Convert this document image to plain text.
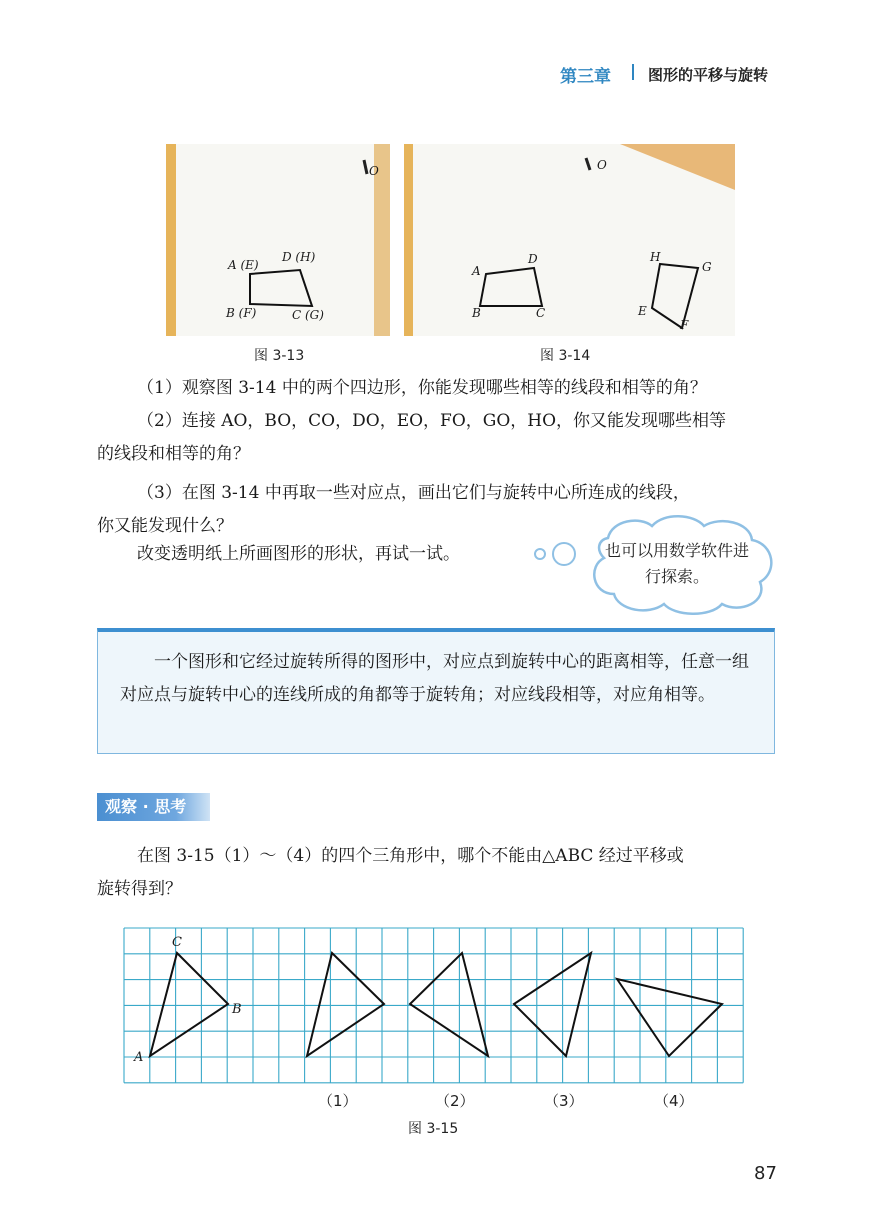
第三章 图形的平移与旋转
O
A (E)
D (H)
B (F)	C (G)
O
A
D
B	C
H
G
E
F
图 3-13	图 3-14
（1）观察图 3-14 中的两个四边形，你能发现哪些相等的线段和相等的角？
（2）连接 AO，BO，CO，DO，EO，FO，GO，HO，你又能发现哪些相等
的线段和相等的角？
（3）在图 3-14 中再取一些对应点，画出它们与旋转中心所连成的线段，
你又能发现什么？
改变透明纸上所画图形的形状，再试一试。	也可以用数学软件进行探索。
一个图形和它经过旋转所得的图形中，对应点到旋转中心的距离相等，任意一组对应点与旋转中心的连线所成的角都等于旋转角；对应线段相等，对应角相等。
观察 · 思考
在图 3-15（1）～（4）的四个三角形中，哪个不能由△ABC 经过平移或
旋转得到？
C
B
A
（1）	（2）	（3）	（4）
图 3-15
87
